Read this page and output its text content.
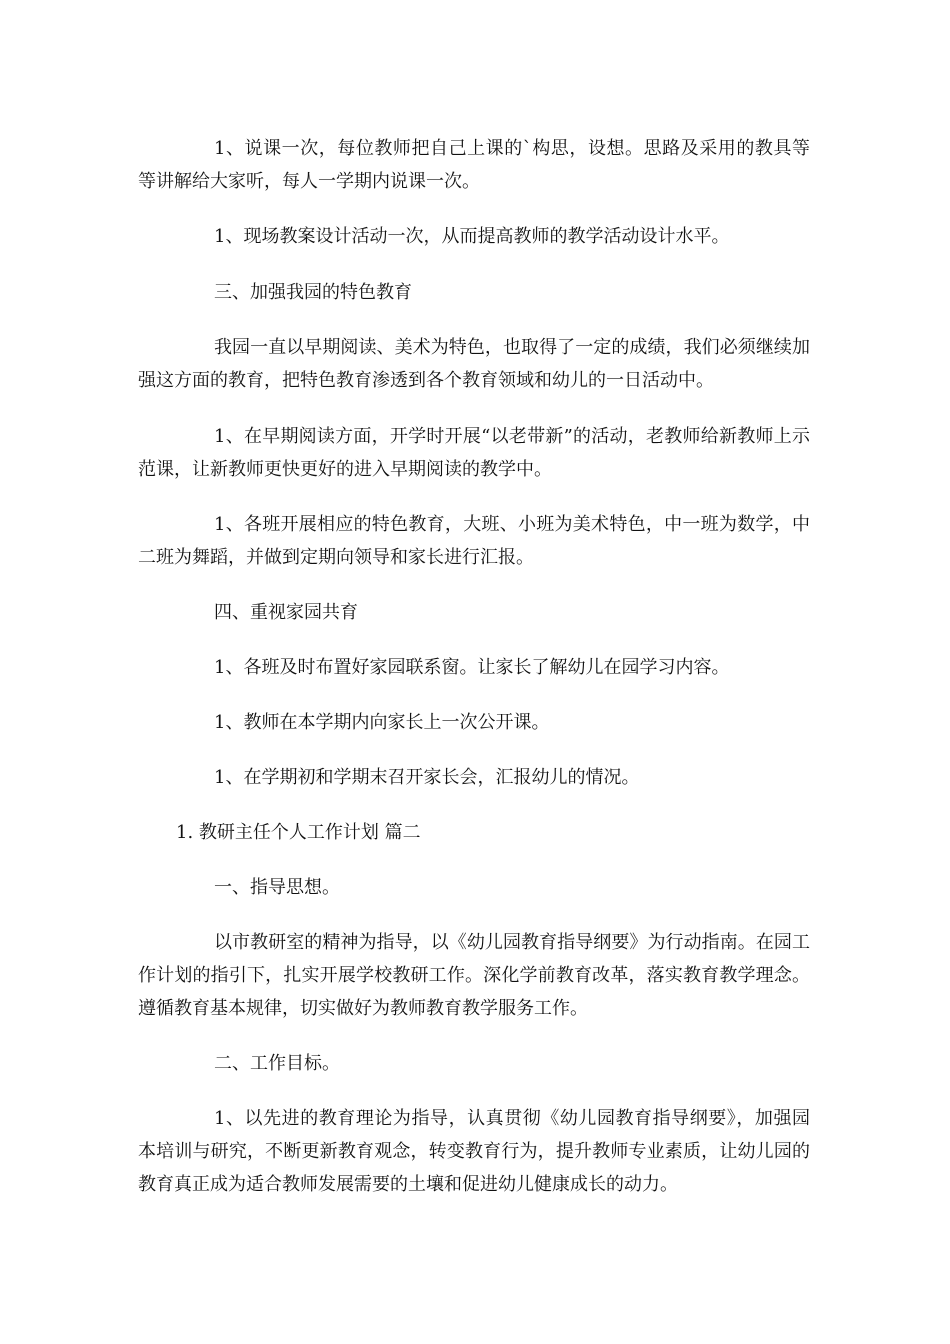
1、说课一次，每位教师把自己上课的`构思，设想。思路及采用的教具等等讲解给大家听，每人一学期内说课一次。

1、现场教案设计活动一次，从而提高教师的教学活动设计水平。

三、加强我园的特色教育

我园一直以早期阅读、美术为特色，也取得了一定的成绩，我们必须继续加强这方面的教育，把特色教育渗透到各个教育领域和幼儿的一日活动中。

1、在早期阅读方面，开学时开展“以老带新”的活动，老教师给新教师上示范课，让新教师更快更好的进入早期阅读的教学中。

1、各班开展相应的特色教育，大班、小班为美术特色，中一班为数学，中二班为舞蹈，并做到定期向领导和家长进行汇报。

四、重视家园共育

1、各班及时布置好家园联系窗。让家长了解幼儿在园学习内容。

1、教师在本学期内向家长上一次公开课。

1、在学期初和学期末召开家长会，汇报幼儿的情况。

1. 教研主任个人工作计划 篇二

一、指导思想。

以市教研室的精神为指导，以《幼儿园教育指导纲要》为行动指南。在园工作计划的指引下，扎实开展学校教研工作。深化学前教育改革，落实教育教学理念。遵循教育基本规律，切实做好为教师教育教学服务工作。

二、工作目标。

1、以先进的教育理论为指导，认真贯彻《幼儿园教育指导纲要》，加强园本培训与研究，不断更新教育观念，转变教育行为，提升教师专业素质，让幼儿园的教育真正成为适合教师发展需要的土壤和促进幼儿健康成长的动力。
